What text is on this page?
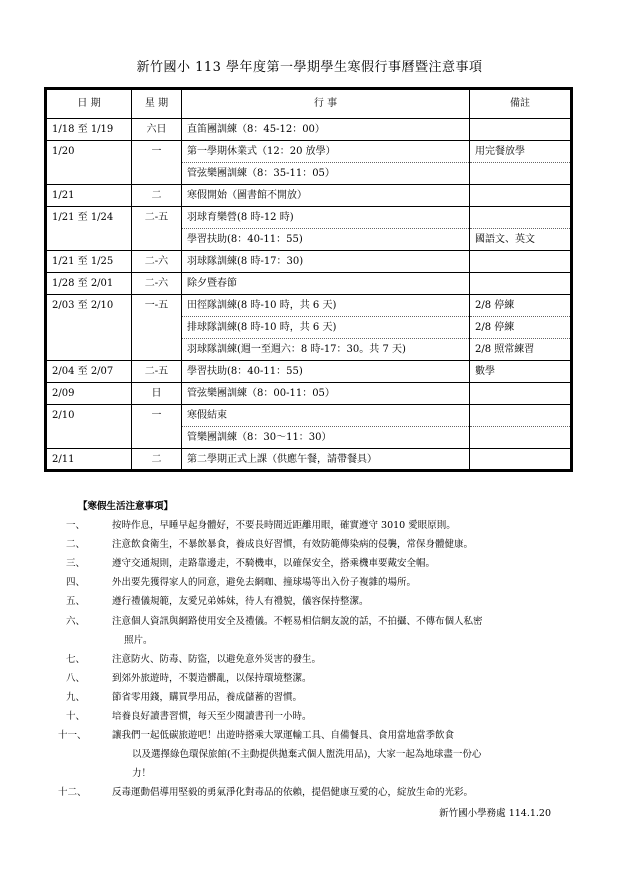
新竹國小 113 學年度第一學期學生寒假行事曆暨注意事項
日 期	星 期	行 事	備註
1/18 至 1/19	六日	直笛團訓練（8：45-12：00）	
1/20	一	第一學期休業式（12：20 放學）	用完餐放學
		管弦樂團訓練（8：35-11：05）	
1/21	二	寒假開始（圖書館不開放）	
1/21 至 1/24	二-五	羽球育樂營(8 時-12 時)	
		學習扶助(8：40-11：55)	國語文、英文
1/21 至 1/25	二-六	羽球隊訓練(8 時-17：30)	
1/28 至 2/01	二-六	除夕暨春節	
2/03 至 2/10	一-五	田徑隊訓練(8 時-10 時，共 6 天)	2/8 停練
		排球隊訓練(8 時-10 時，共 6 天)	2/8 停練
		羽球隊訓練(週一至週六：8 時-17：30。共 7 天)	2/8 照常練習
2/04 至 2/07	二-五	學習扶助(8：40-11：55)	數學
2/09	日	管弦樂團訓練（8：00-11：05）	
2/10	一	寒假結束	
		管樂團訓練（8：30～11：30）	
2/11	二	第二學期正式上課（供應午餐，請帶餐具）	
【寒假生活注意事項】
一、	按時作息，早睡早起身體好，不要長時間近距離用眼，確實遵守 3010 愛眼原則。
二、	注意飲食衛生，不暴飲暴食，養成良好習慣，有效防範傳染病的侵襲，常保身體健康。
三、	遵守交通規則，走路靠邊走，不騎機車，以確保安全，搭乘機車要戴安全帽。
四、	外出要先獲得家人的同意，避免去網咖、撞球場等出入份子複雜的場所。
五、	遵行禮儀規範，友愛兄弟姊妹，待人有禮貌，儀容保持整潔。
六、	注意個人資訊與網路使用安全及禮儀。不輕易相信網友說的話，不拍攝、不傳布個人私密
照片。
七、	注意防火、防毒、防盜，以避免意外災害的發生。
八、	到郊外旅遊時，不製造髒亂，以保持環境整潔。
九、	節省零用錢，購買學用品，養成儲蓄的習慣。
十、	培養良好讀書習慣，每天至少閱讀書刊一小時。
十一、	讓我們一起低碳旅遊吧！出遊時搭乘大眾運輸工具、自備餐具、食用當地當季飲食
以及選擇綠色環保旅館(不主動提供拋棄式個人盥洗用品)，大家一起為地球盡一份心
力！
十二、	反毒運動倡導用堅毅的勇氣淨化對毒品的依賴，提倡健康互愛的心，綻放生命的光彩。
新竹國小學務處 114.1.20
